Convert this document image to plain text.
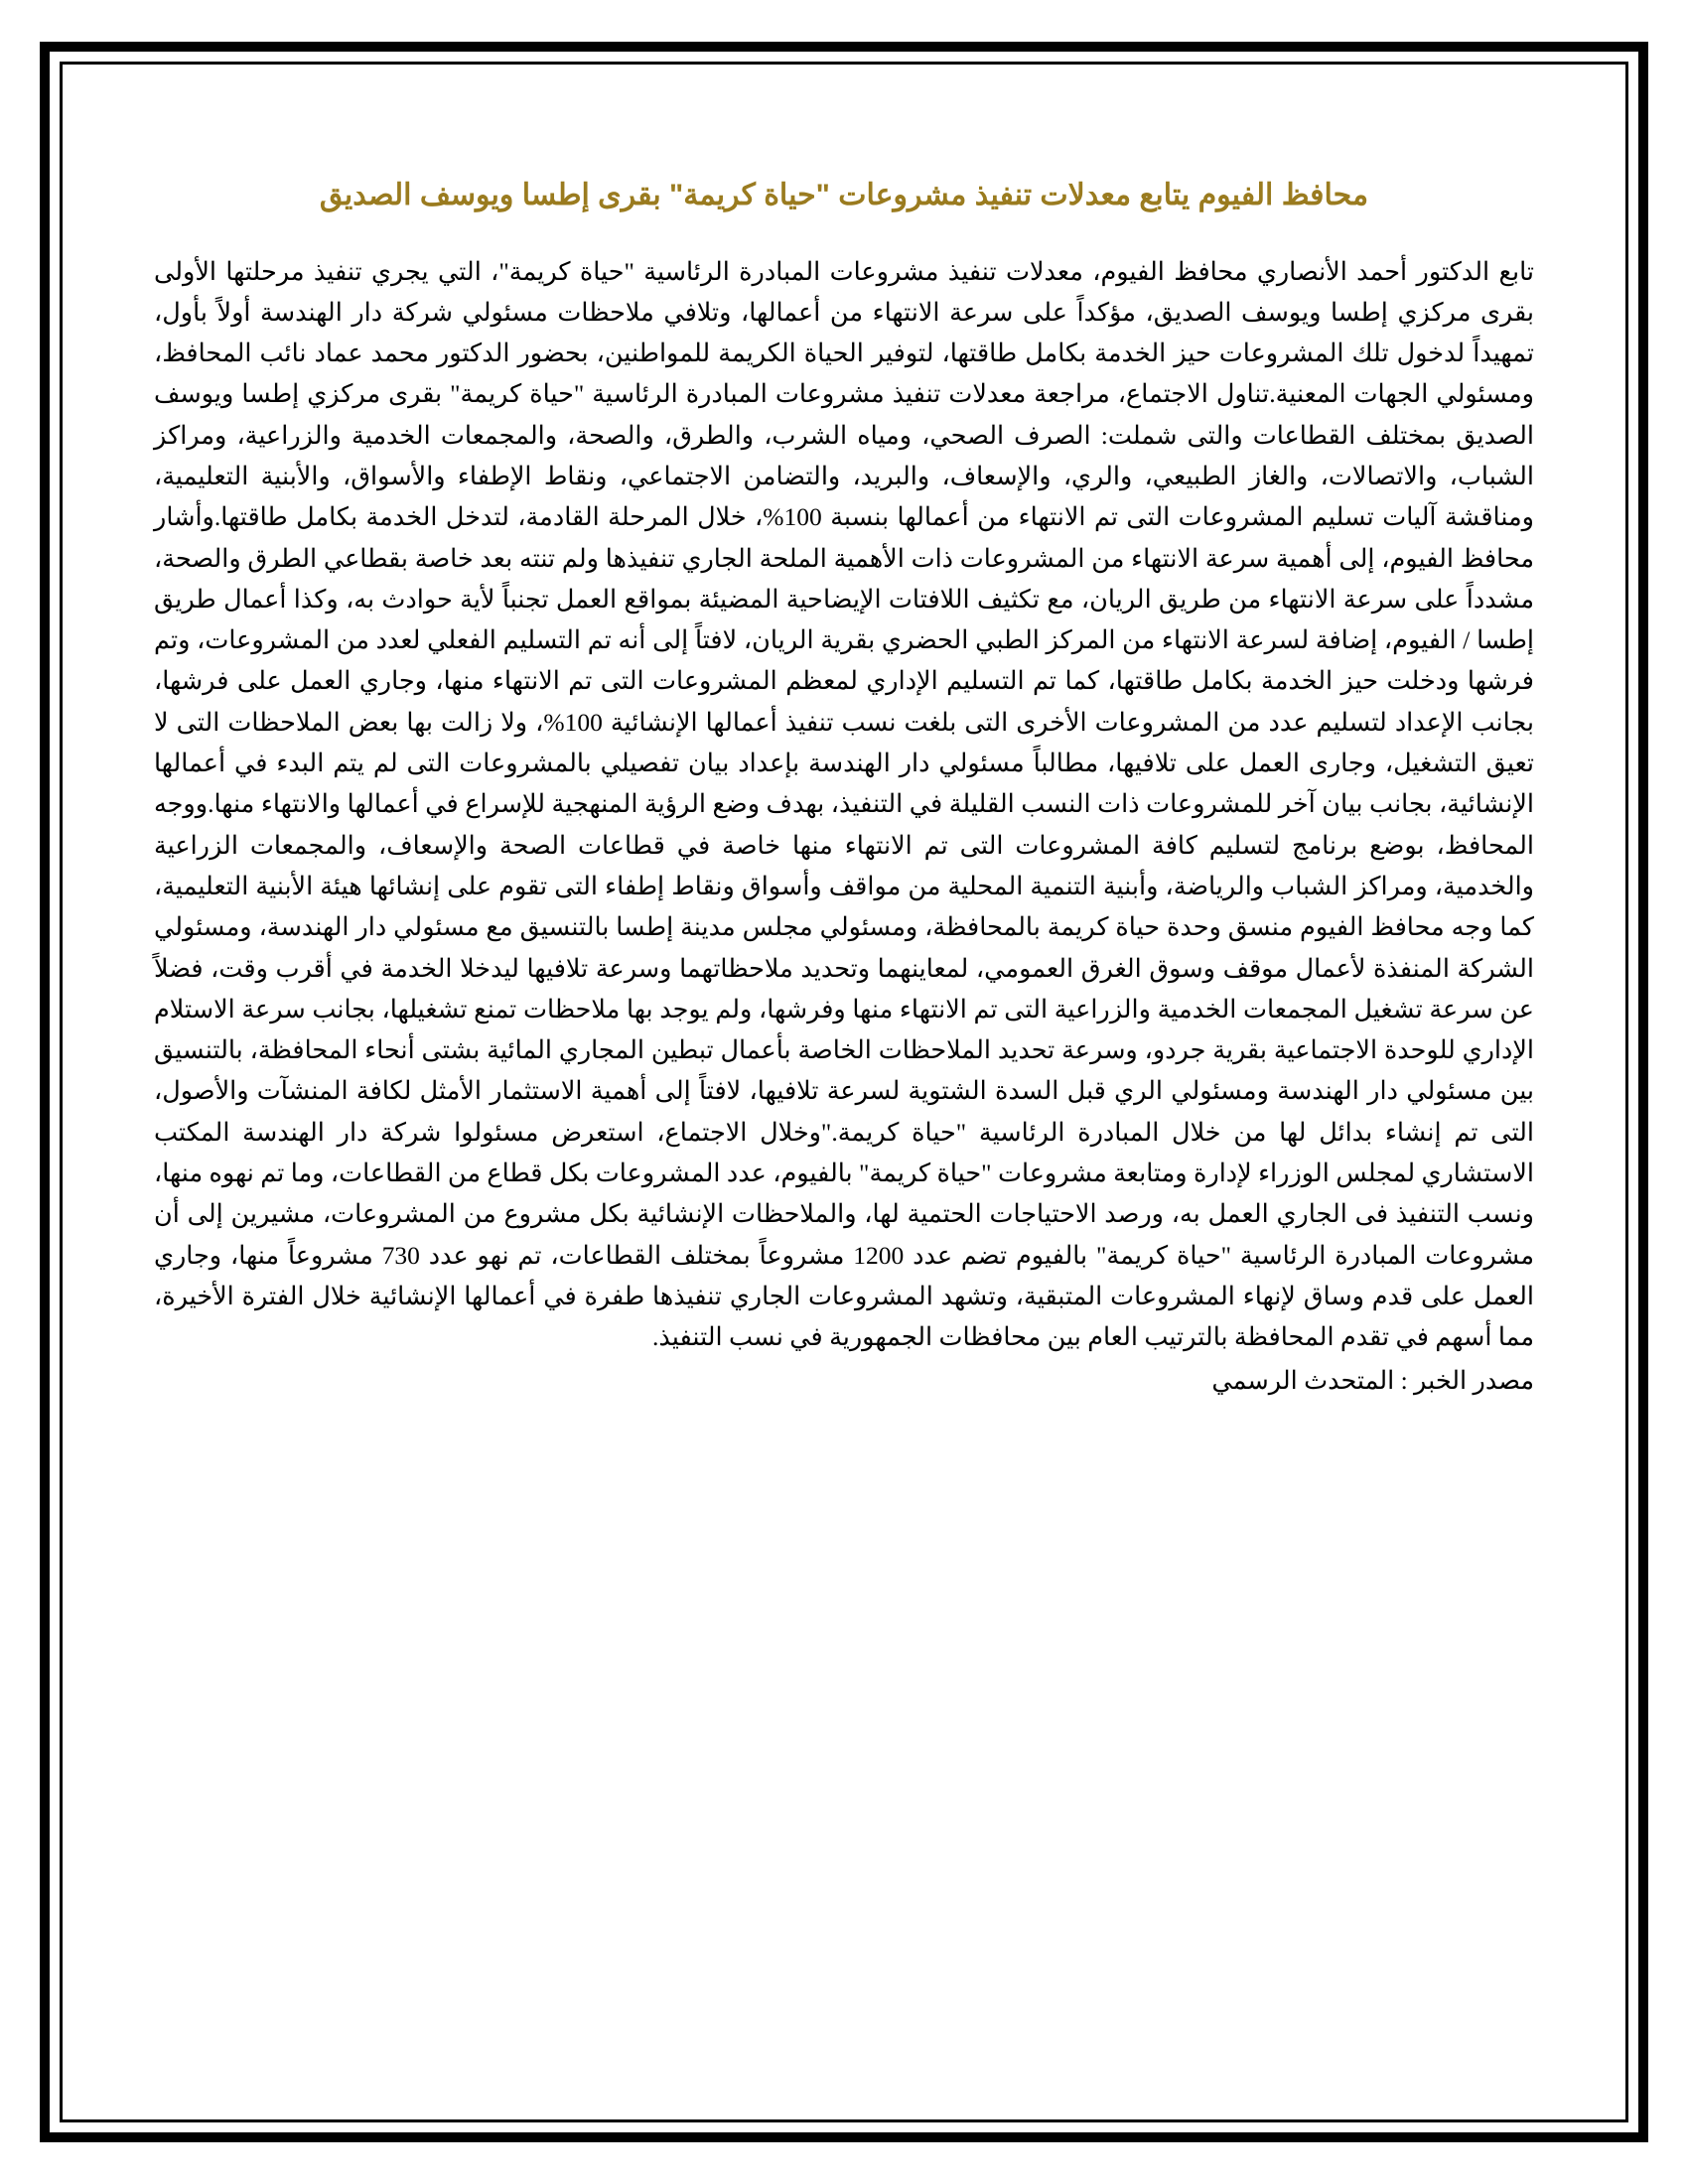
محافظ الفيوم يتابع معدلات تنفيذ مشروعات "حياة كريمة" بقرى إطسا ويوسف الصديق

تابع الدكتور أحمد الأنصاري محافظ الفيوم، معدلات تنفيذ مشروعات المبادرة الرئاسية "حياة كريمة"، التي يجري تنفيذ مرحلتها الأولى بقرى مركزي إطسا ويوسف الصديق، مؤكداً على سرعة الانتهاء من أعمالها، وتلافي ملاحظات مسئولي شركة دار الهندسة أولاً بأول، تمهيداً لدخول تلك المشروعات حيز الخدمة بكامل طاقتها، لتوفير الحياة الكريمة للمواطنين، بحضور الدكتور محمد عماد نائب المحافظ، ومسئولي الجهات المعنية.تناول الاجتماع، مراجعة معدلات تنفيذ مشروعات المبادرة الرئاسية "حياة كريمة" بقرى مركزي إطسا ويوسف الصديق بمختلف القطاعات والتى شملت: الصرف الصحي، ومياه الشرب، والطرق، والصحة، والمجمعات الخدمية والزراعية، ومراكز الشباب، والاتصالات، والغاز الطبيعي، والري، والإسعاف، والبريد، والتضامن الاجتماعي، ونقاط الإطفاء والأسواق، والأبنية التعليمية، ومناقشة آليات تسليم المشروعات التى تم الانتهاء من أعمالها بنسبة 100%، خلال المرحلة القادمة، لتدخل الخدمة بكامل طاقتها.وأشار محافظ الفيوم، إلى أهمية سرعة الانتهاء من المشروعات ذات الأهمية الملحة الجاري تنفيذها ولم تنته بعد خاصة بقطاعي الطرق والصحة، مشدداً على سرعة الانتهاء من طريق الريان، مع تكثيف اللافتات الإيضاحية المضيئة بمواقع العمل تجنباً لأية حوادث به، وكذا أعمال طريق إطسا / الفيوم، إضافة لسرعة الانتهاء من المركز الطبي الحضري بقرية الريان، لافتاً إلى أنه تم التسليم الفعلي لعدد من المشروعات، وتم فرشها ودخلت حيز الخدمة بكامل طاقتها، كما تم التسليم الإداري لمعظم المشروعات التى تم الانتهاء منها، وجاري العمل على فرشها، بجانب الإعداد لتسليم عدد من المشروعات الأخرى التى بلغت نسب تنفيذ أعمالها الإنشائية 100%، ولا زالت بها بعض الملاحظات التى لا تعيق التشغيل، وجارى العمل على تلافيها، مطالباً مسئولي دار الهندسة بإعداد بيان تفصيلي بالمشروعات التى لم يتم البدء في أعمالها الإنشائية، بجانب بيان آخر للمشروعات ذات النسب القليلة في التنفيذ، بهدف وضع الرؤية المنهجية للإسراع في أعمالها والانتهاء منها.ووجه المحافظ، بوضع برنامج لتسليم كافة المشروعات التى تم الانتهاء منها خاصة في قطاعات الصحة والإسعاف، والمجمعات الزراعية والخدمية، ومراكز الشباب والرياضة، وأبنية التنمية المحلية من مواقف وأسواق ونقاط إطفاء التى تقوم على إنشائها هيئة الأبنية التعليمية، كما وجه محافظ الفيوم منسق وحدة حياة كريمة بالمحافظة، ومسئولي مجلس مدينة إطسا بالتنسيق مع مسئولي دار الهندسة، ومسئولي الشركة المنفذة لأعمال موقف وسوق الغرق العمومي، لمعاينهما وتحديد ملاحظاتهما وسرعة تلافيها ليدخلا الخدمة في أقرب وقت، فضلاً عن سرعة تشغيل المجمعات الخدمية والزراعية التى تم الانتهاء منها وفرشها، ولم يوجد بها ملاحظات تمنع تشغيلها، بجانب سرعة الاستلام الإداري للوحدة الاجتماعية بقرية جردو، وسرعة تحديد الملاحظات الخاصة بأعمال تبطين المجاري المائية بشتى أنحاء المحافظة، بالتنسيق بين مسئولي دار الهندسة ومسئولي الري قبل السدة الشتوية لسرعة تلافيها، لافتاً إلى أهمية الاستثمار الأمثل لكافة المنشآت والأصول، التى تم إنشاء بدائل لها من خلال المبادرة الرئاسية "حياة كريمة."وخلال الاجتماع، استعرض مسئولوا شركة دار الهندسة المكتب الاستشاري لمجلس الوزراء لإدارة ومتابعة مشروعات "حياة كريمة" بالفيوم، عدد المشروعات بكل قطاع من القطاعات، وما تم نهوه منها، ونسب التنفيذ فى الجاري العمل به، ورصد الاحتياجات الحتمية لها، والملاحظات الإنشائية بكل مشروع من المشروعات، مشيرين إلى أن مشروعات المبادرة الرئاسية "حياة كريمة" بالفيوم تضم عدد 1200 مشروعاً بمختلف القطاعات، تم نهو عدد 730 مشروعاً منها، وجاري العمل على قدم وساق لإنهاء المشروعات المتبقية، وتشهد المشروعات الجاري تنفيذها طفرة في أعمالها الإنشائية خلال الفترة الأخيرة، مما أسهم في تقدم المحافظة بالترتيب العام بين محافظات الجمهورية في نسب التنفيذ.

مصدر الخبر : المتحدث الرسمي
